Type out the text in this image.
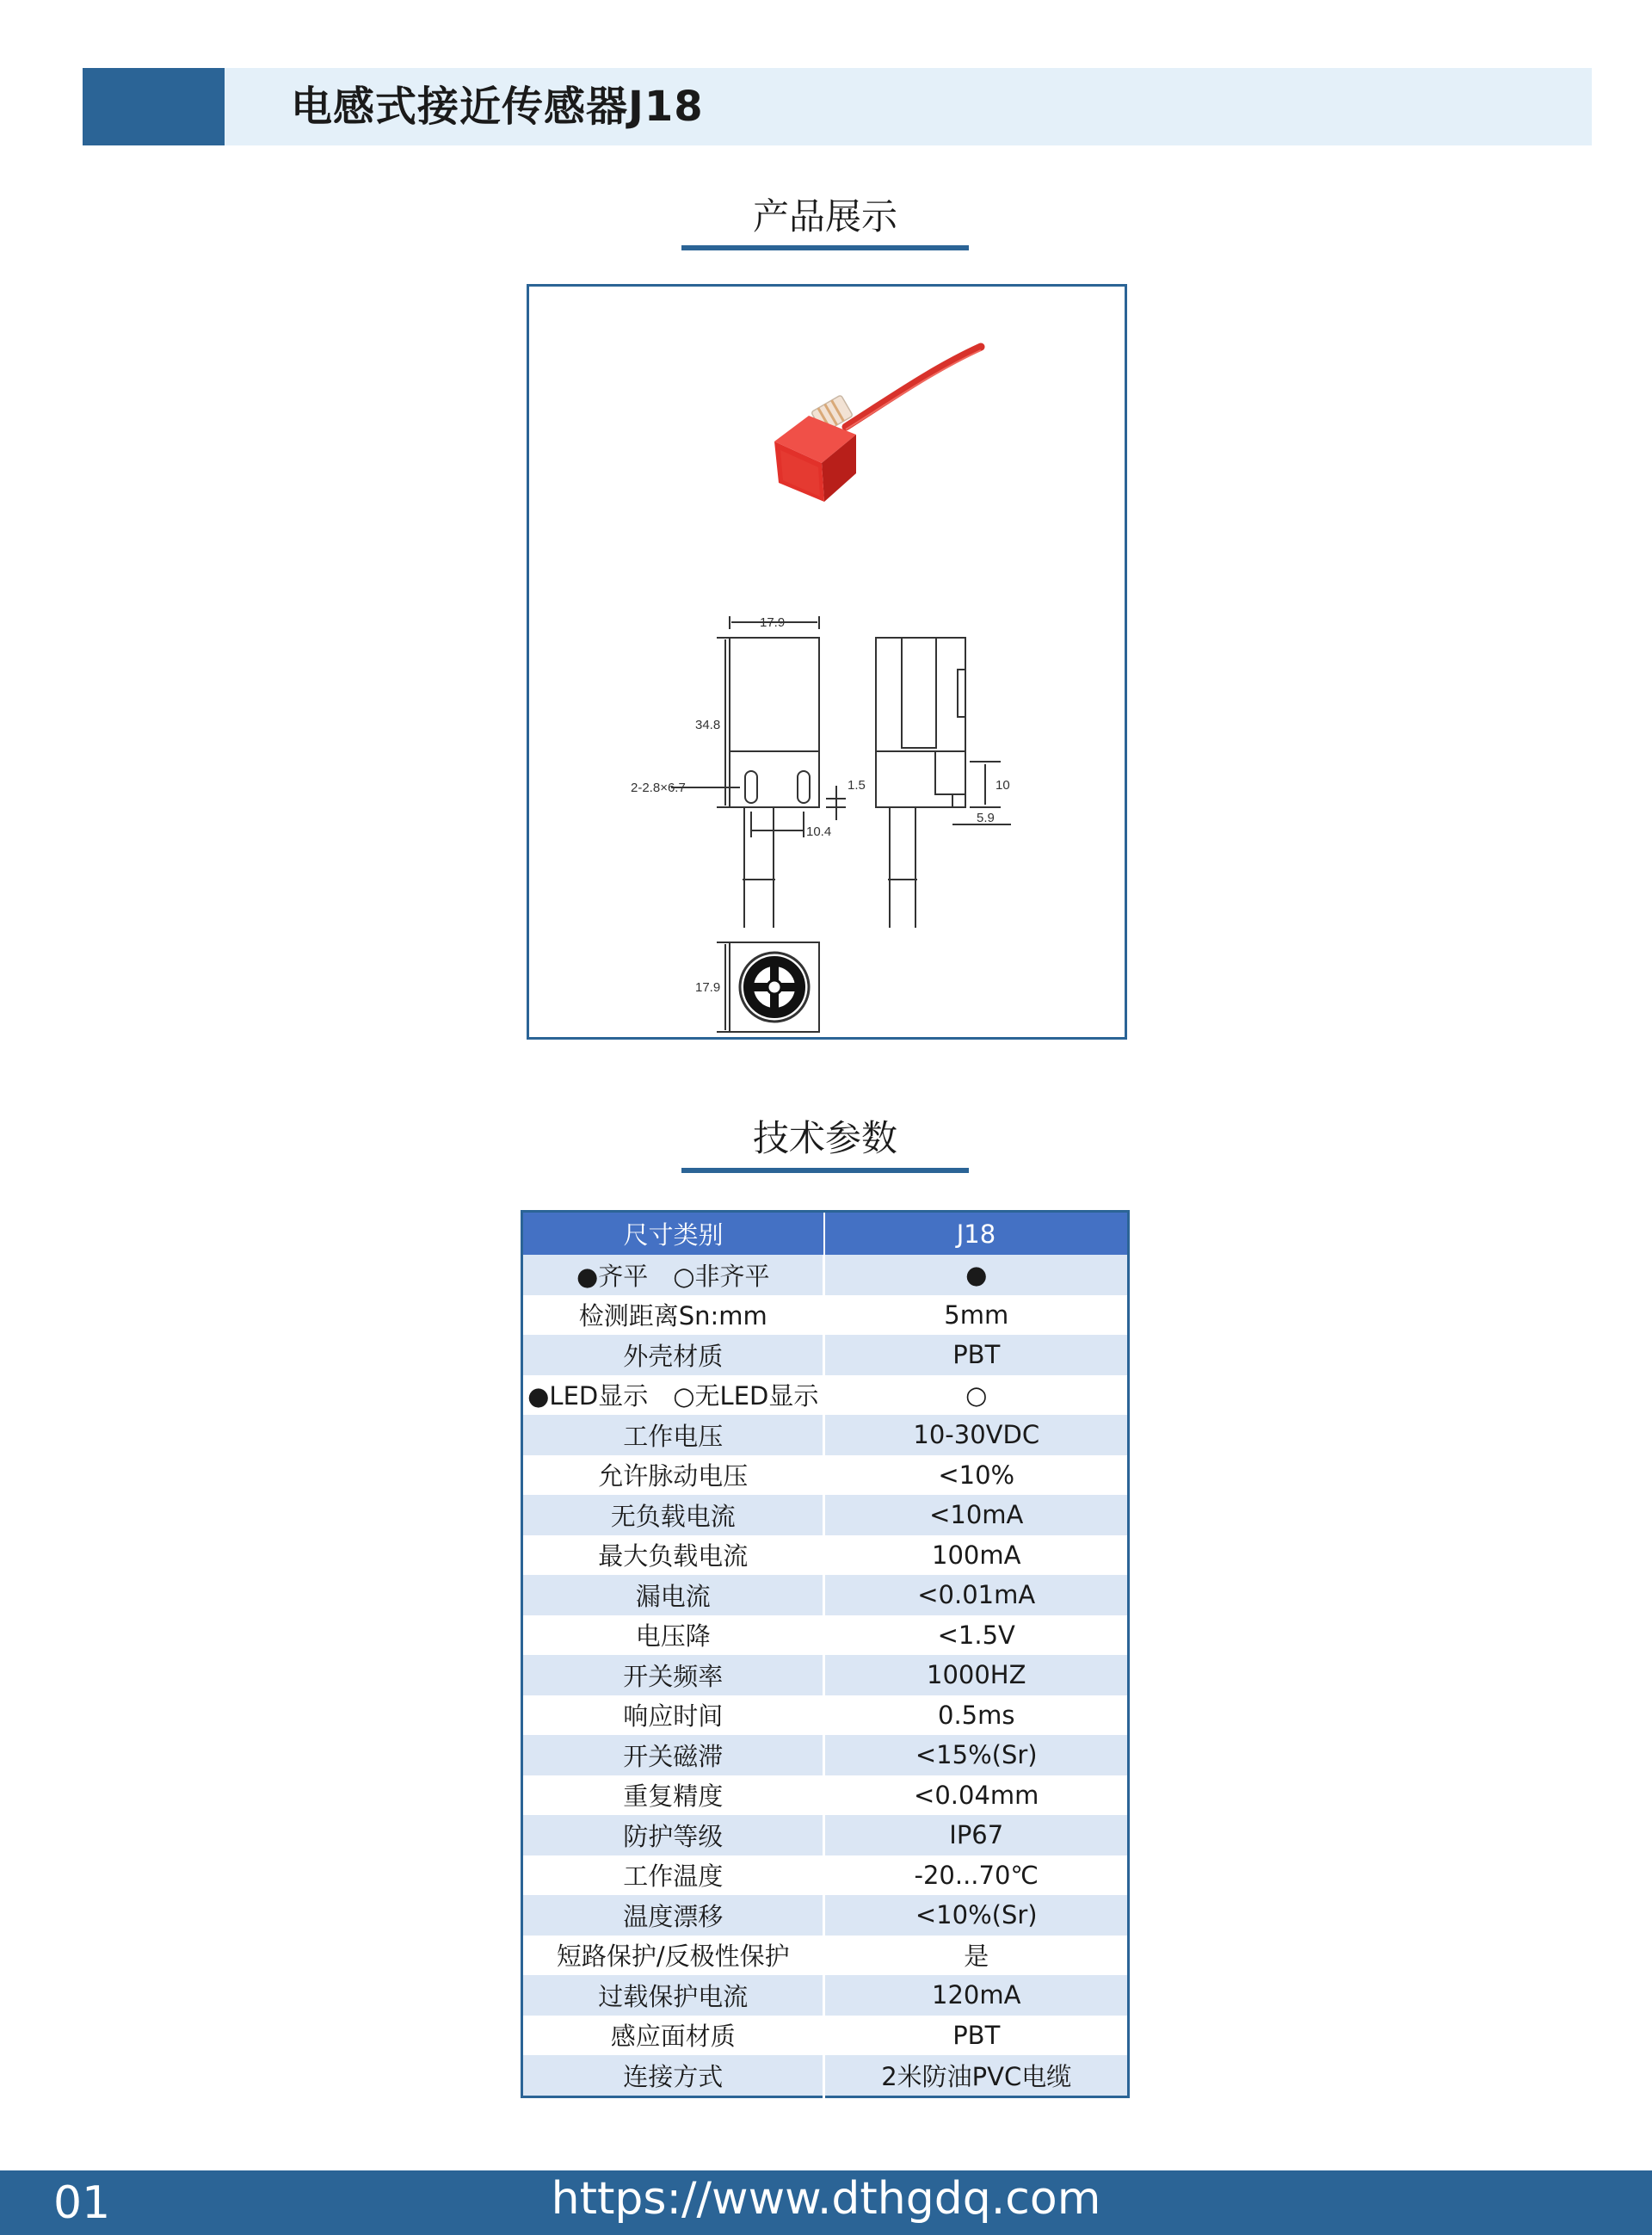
电感式接近传感器J18
产品展示
17.9
34.8
2-2.8×6.7	1.5
10.4
10
5.9
17.9
技术参数
尺寸类别	J18
●齐平　○非齐平	●
检测距离Sn:mm	5mm
外壳材质	PBT
●LED显示　○无LED显示	○
工作电压	10-30VDC
允许脉动电压	<10%
无负载电流	<10mA
最大负载电流	100mA
漏电流	<0.01mA
电压降	<1.5V
开关频率	1000HZ
响应时间	0.5ms
开关磁滞	<15%(Sr)
重复精度	<0.04mm
防护等级	IP67
工作温度	-20...70℃
温度漂移	<10%(Sr)
短路保护/反极性保护	是
过载保护电流	120mA
感应面材质	PBT
连接方式	2米防油PVC电缆
01	https://www.dthgdq.com
